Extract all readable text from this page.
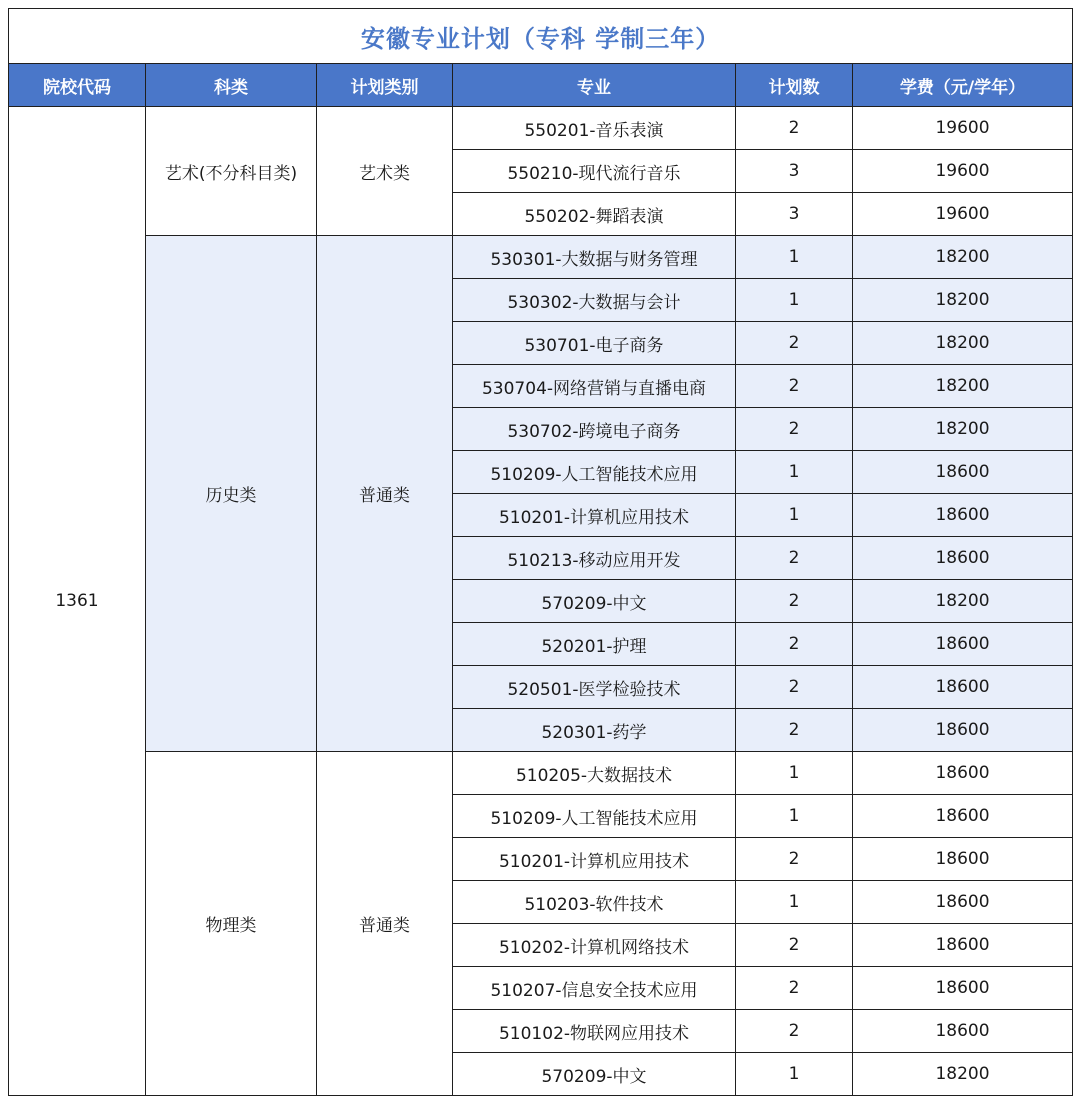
安徽专业计划（专科 学制三年）					
院校代码	科类	计划类别	专业	计划数	学费（元/学年）
1361	艺术(不分科目类)	艺术类	550201-音乐表演	2	19600
			550210-现代流行音乐	3	19600
			550202-舞蹈表演	3	19600
	历史类	普通类	530301-大数据与财务管理	1	18200
			530302-大数据与会计	1	18200
			530701-电子商务	2	18200
			530704-网络营销与直播电商	2	18200
			530702-跨境电子商务	2	18200
			510209-人工智能技术应用	1	18600
			510201-计算机应用技术	1	18600
			510213-移动应用开发	2	18600
			570209-中文	2	18200
			520201-护理	2	18600
			520501-医学检验技术	2	18600
			520301-药学	2	18600
	物理类	普通类	510205-大数据技术	1	18600
			510209-人工智能技术应用	1	18600
			510201-计算机应用技术	2	18600
			510203-软件技术	1	18600
			510202-计算机网络技术	2	18600
			510207-信息安全技术应用	2	18600
			510102-物联网应用技术	2	18600
			570209-中文	1	18200
